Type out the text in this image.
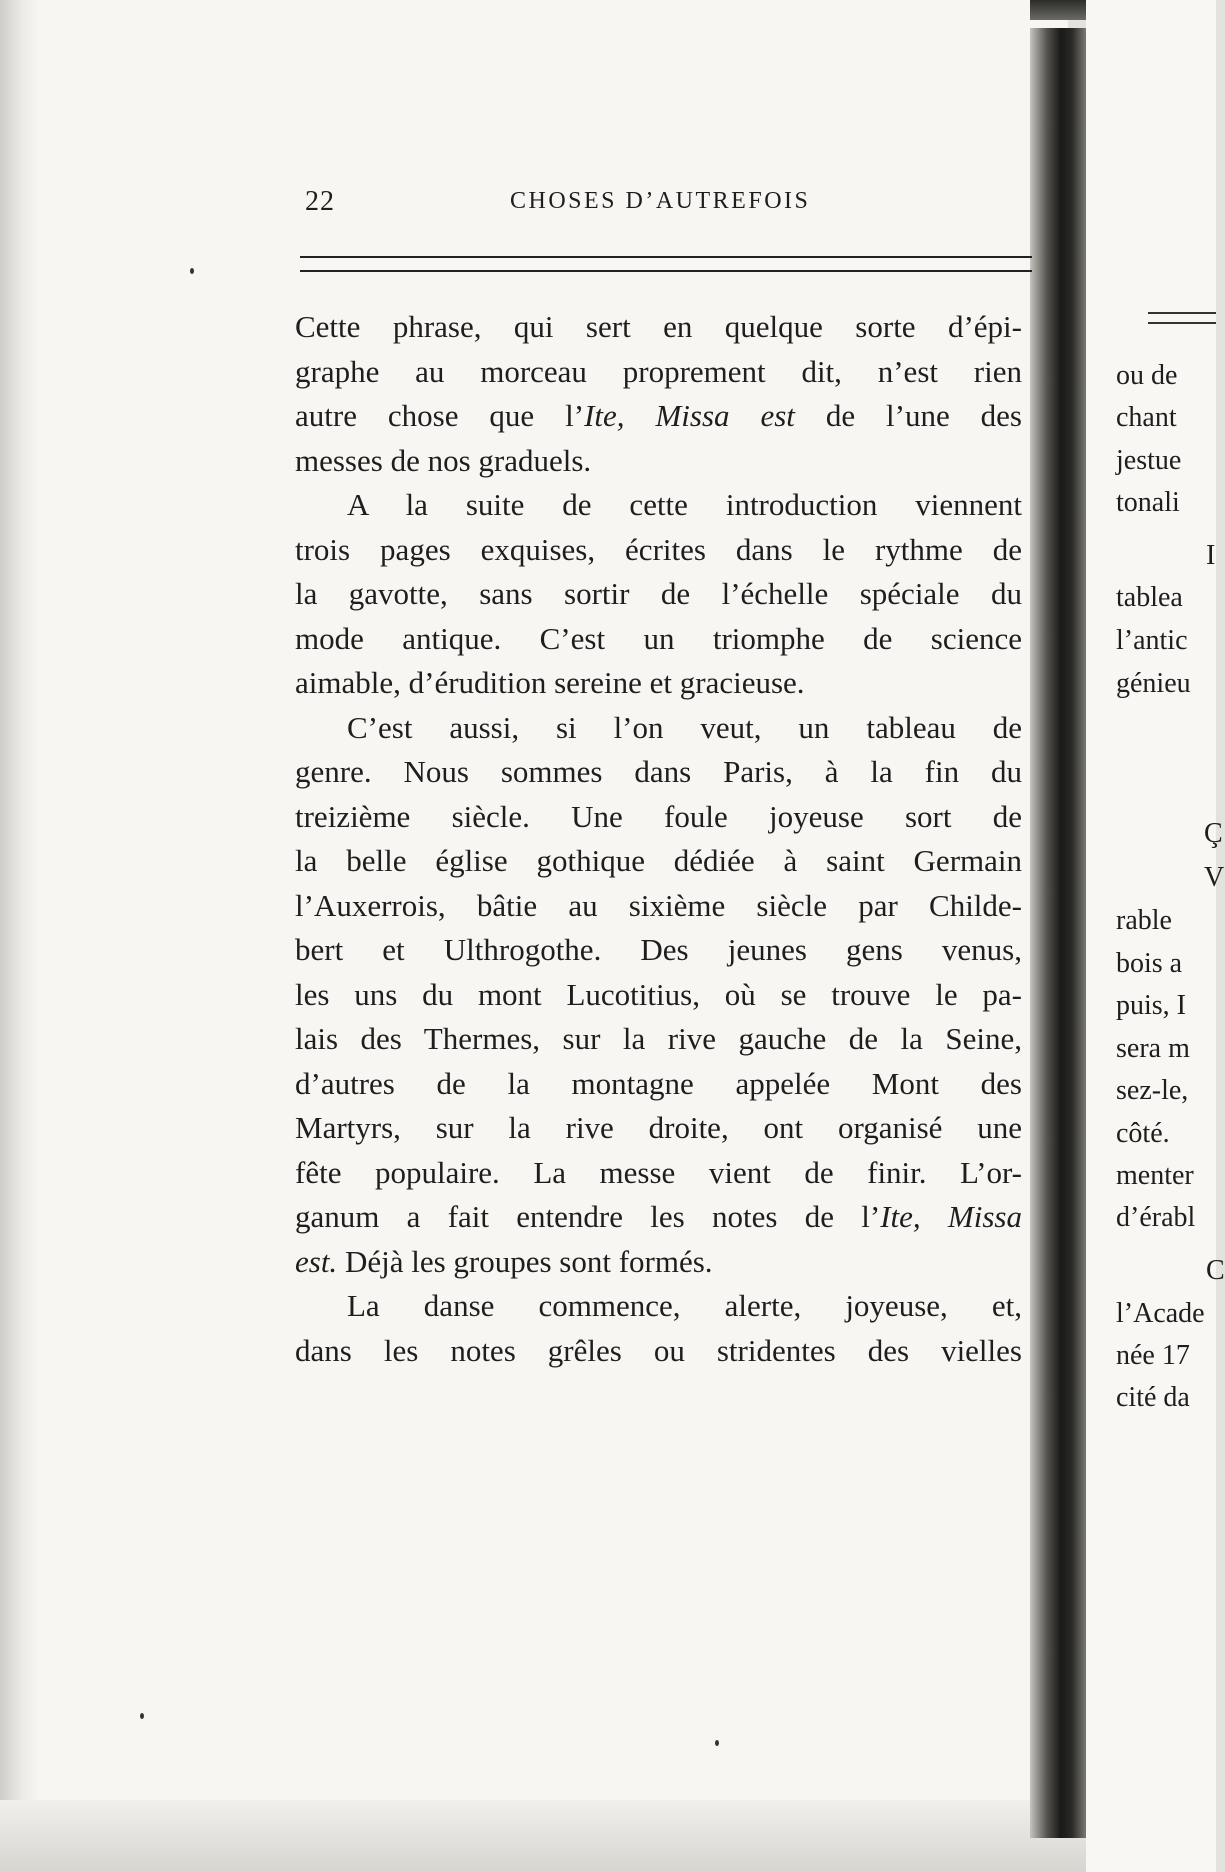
22	CHOSES D’AUTREFOIS
Cette phrase, qui sert en quelque sorte d’épi-
graphe au morceau proprement dit, n’est rien
autre chose que l’Ite, Missa est de l’une des
messes de nos graduels.
A la suite de cette introduction viennent
trois pages exquises, écrites dans le rythme de
la gavotte, sans sortir de l’échelle spéciale du
mode antique. C’est un triomphe de science
aimable, d’érudition sereine et gracieuse.
C’est aussi, si l’on veut, un tableau de
genre. Nous sommes dans Paris, à la fin du
treizième siècle. Une foule joyeuse sort de
la belle église gothique dédiée à saint Germain
l’Auxerrois, bâtie au sixième siècle par Childe-
bert et Ulthrogothe. Des jeunes gens venus,
les uns du mont Lucotitius, où se trouve le pa-
lais des Thermes, sur la rive gauche de la Seine,
d’autres de la montagne appelée Mont des
Martyrs, sur la rive droite, ont organisé une
fête populaire. La messe vient de finir. L’or-
ganum a fait entendre les notes de l’Ite, Missa
est. Déjà les groupes sont formés.
La danse commence, alerte, joyeuse, et,
dans les notes grêles ou stridentes des vielles
ou de
chant
jestue
tonali
I
tablea
l’antic
génieu
Ç
V
rable
bois a
puis, I
sera m
sez-le,
côté.
menter
d’érabl
C
l’Acade
née 17
cité da
